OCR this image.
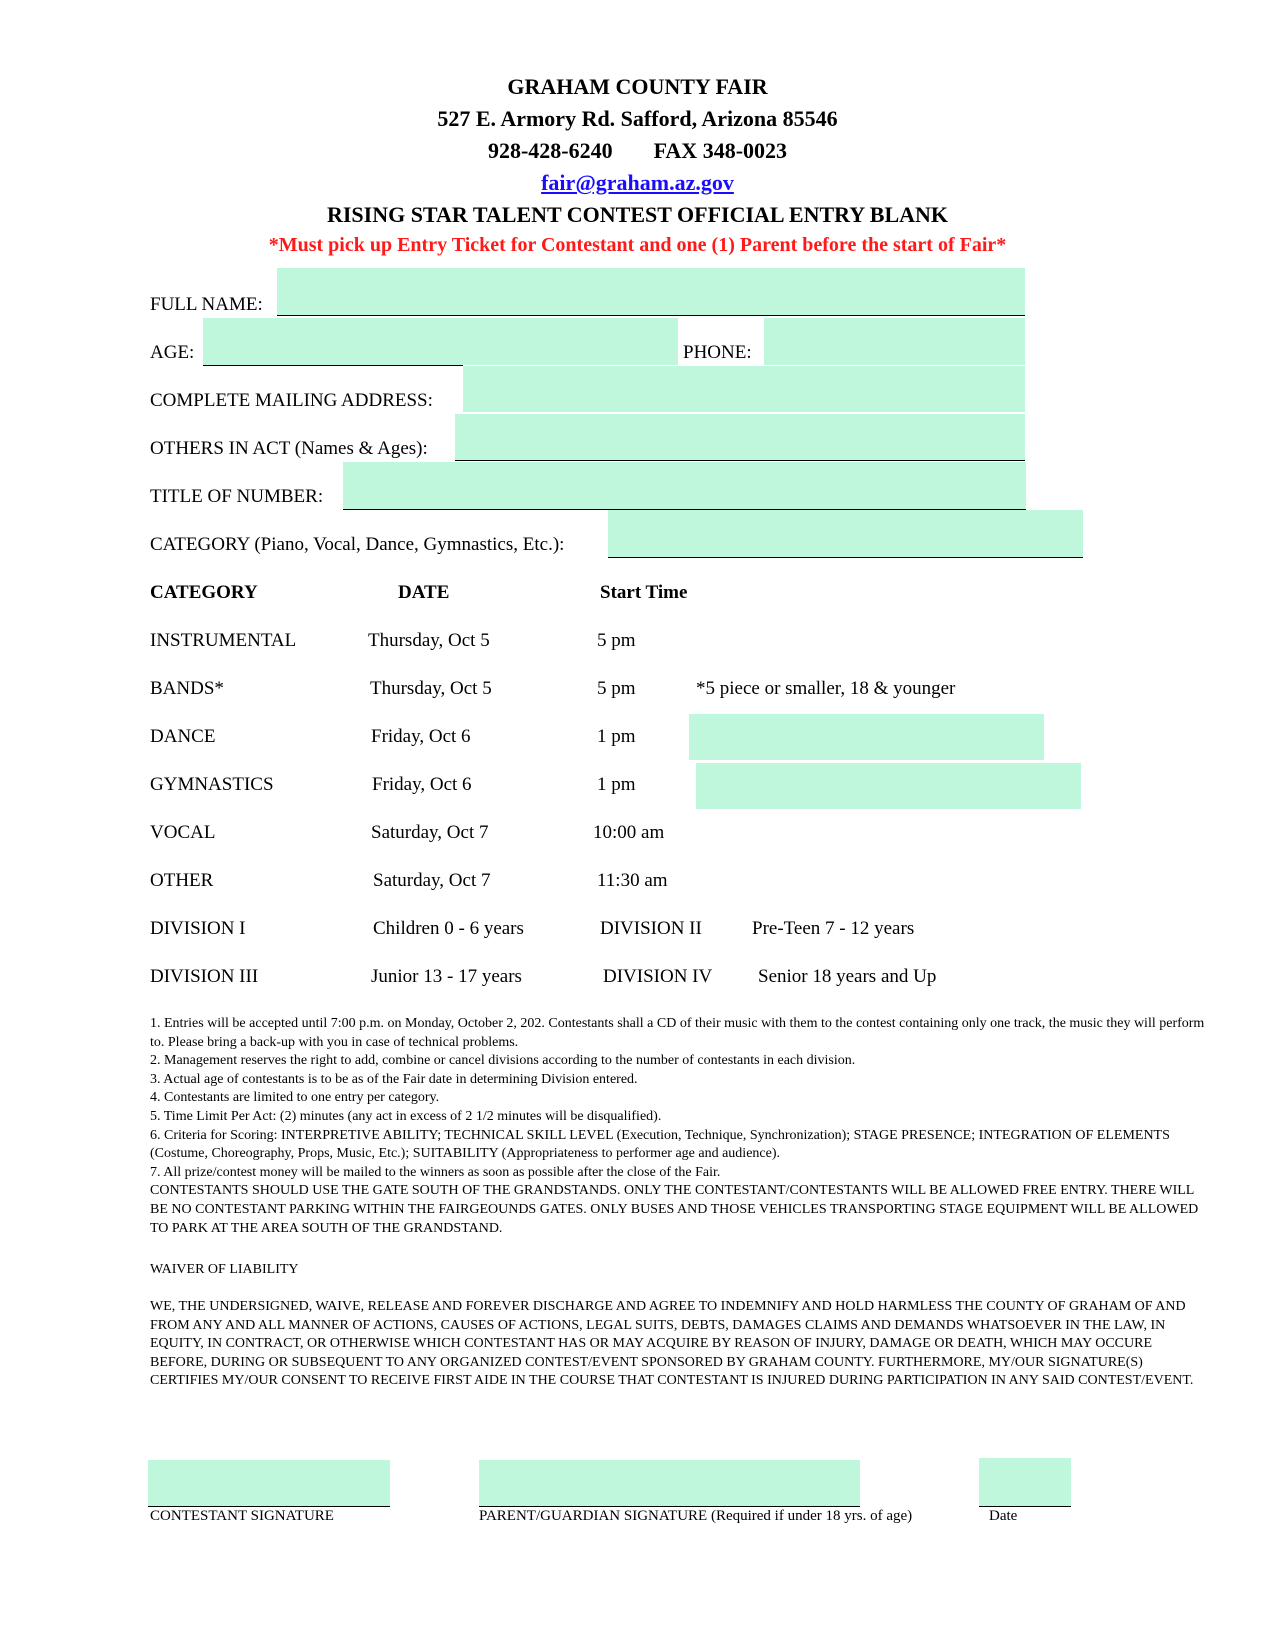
GRAHAM COUNTY FAIR
527 E. Armory Rd. Safford, Arizona 85546
928-428-6240 FAX 348-0023
fair@graham.az.gov
RISING STAR TALENT CONTEST OFFICIAL ENTRY BLANK
*Must pick up Entry Ticket for Contestant and one (1) Parent before the start of Fair*
FULL NAME:
AGE:	PHONE:
COMPLETE MAILING ADDRESS:
OTHERS IN ACT (Names & Ages):
TITLE OF NUMBER:
CATEGORY (Piano, Vocal, Dance, Gymnastics, Etc.):
CATEGORY	DATE	Start Time
INSTRUMENTAL	Thursday, Oct 5	5 pm
BANDS*	Thursday, Oct 5	5 pm	*5 piece or smaller, 18 & younger
DANCE	Friday, Oct 6	1 pm
GYMNASTICS	Friday, Oct 6	1 pm
VOCAL	Saturday, Oct 7	10:00 am
OTHER	Saturday, Oct 7	11:30 am
DIVISION I	Children 0 - 6 years	DIVISION II	Pre-Teen 7 - 12 years
DIVISION III	Junior 13 - 17 years	DIVISION IV Senior 18 years and Up

1. Entries will be accepted until 7:00 p.m. on Monday, October 2, 202. Contestants shall a CD of their music with them to the contest containing only one track, the music they will perform to. Please bring a back-up with you in case of technical problems.

2. Management reserves the right to add, combine or cancel divisions according to the number of contestants in each division.

3. Actual age of contestants is to be as of the Fair date in determining Division entered.

4. Contestants are limited to one entry per category.

5. Time Limit Per Act: (2) minutes (any act in excess of 2 1/2 minutes will be disqualified).

6. Criteria for Scoring: INTERPRETIVE ABILITY; TECHNICAL SKILL LEVEL (Execution, Technique, Synchronization); STAGE PRESENCE; INTEGRATION OF ELEMENTS (Costume, Choreography, Props, Music, Etc.); SUITABILITY (Appropriateness to performer age and audience).

7. All prize/contest money will be mailed to the winners as soon as possible after the close of the Fair.

CONTESTANTS SHOULD USE THE GATE SOUTH OF THE GRANDSTANDS. ONLY THE CONTESTANT/CONTESTANTS WILL BE ALLOWED FREE ENTRY. THERE WILL BE NO CONTESTANT PARKING WITHIN THE FAIRGEOUNDS GATES. ONLY BUSES AND THOSE VEHICLES TRANSPORTING STAGE EQUIPMENT WILL BE ALLOWED TO PARK AT THE AREA SOUTH OF THE GRANDSTAND.

WAIVER OF LIABILITY
WE, THE UNDERSIGNED, WAIVE, RELEASE AND FOREVER DISCHARGE AND AGREE TO INDEMNIFY AND HOLD HARMLESS THE COUNTY OF GRAHAM OF AND FROM ANY AND ALL MANNER OF ACTIONS, CAUSES OF ACTIONS, LEGAL SUITS, DEBTS, DAMAGES CLAIMS AND DEMANDS WHATSOEVER IN THE LAW, IN EQUITY, IN CONTRACT, OR OTHERWISE WHICH CONTESTANT HAS OR MAY ACQUIRE BY REASON OF INJURY, DAMAGE OR DEATH, WHICH MAY OCCURE BEFORE, DURING OR SUBSEQUENT TO ANY ORGANIZED CONTEST/EVENT SPONSORED BY GRAHAM COUNTY. FURTHERMORE, MY/OUR SIGNATURE(S) CERTIFIES MY/OUR CONSENT TO RECEIVE FIRST AIDE IN THE COURSE THAT CONTESTANT IS INJURED DURING PARTICIPATION IN ANY SAID CONTEST/EVENT.
CONTESTANT SIGNATURE	PARENT/GUARDIAN SIGNATURE (Required if under 18 yrs. of age)	Date
